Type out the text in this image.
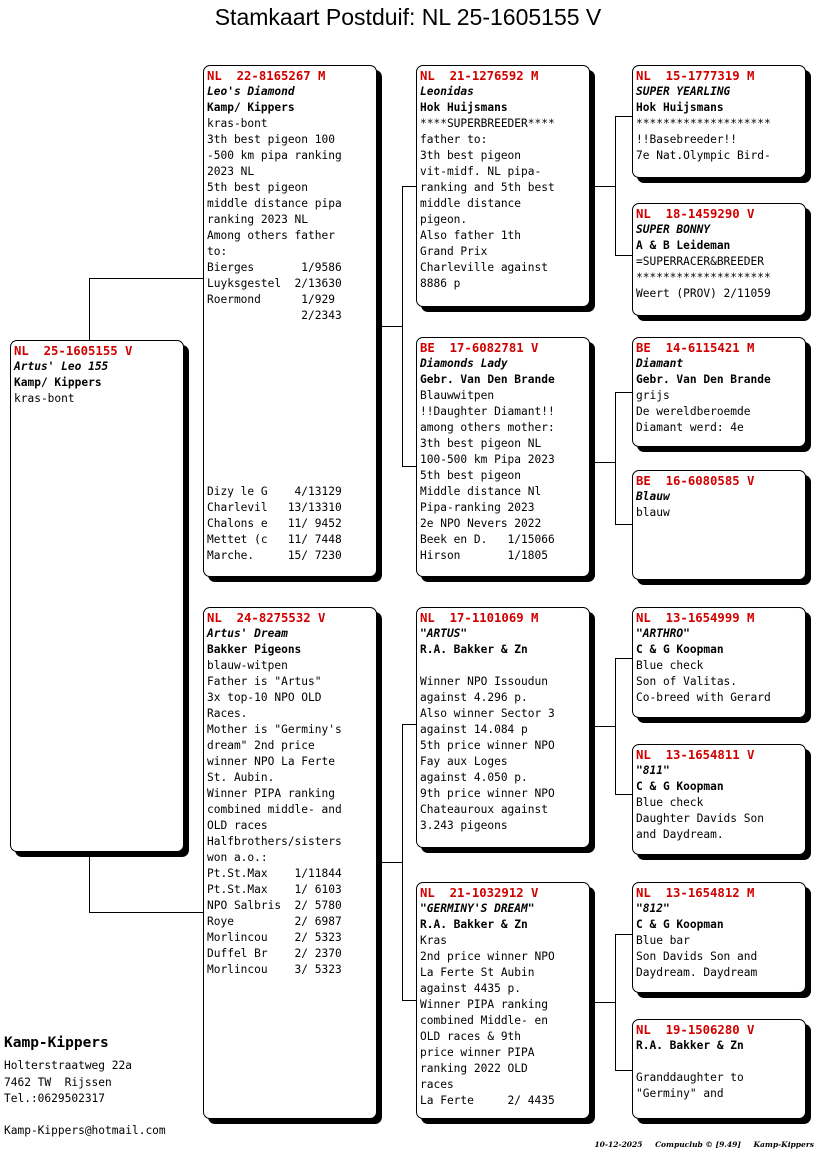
Stamkaart Postduif: NL 25-1605155 V
NL  25-1605155 V
Artus' Leo 155
Kamp/ Kippers
kras-bont
NL  22-8165267 M
Leo's Diamond
Kamp/ Kippers
kras-bont
3th best pigeon 100
-500 km pipa ranking
2023 NL
5th best pigeon
middle distance pipa
ranking 2023 NL
Among others father
to:
Bierges       1/9586
Luyksgestel  2/13630
Roermond      1/929
2/2343
Dizy le G    4/13129
Charlevil   13/13310
Chalons e   11/ 9452
Mettet (c   11/ 7448
Marche.     15/ 7230
NL  24-8275532 V
Artus' Dream
Bakker Pigeons
blauw-witpen
Father is "Artus"
3x top-10 NPO OLD
Races.
Mother is "Germiny's
dream" 2nd price
winner NPO La Ferte
St. Aubin.
Winner PIPA ranking
combined middle- and
OLD races
Halfbrothers/sisters
won a.o.:
Pt.St.Max    1/11844
Pt.St.Max    1/ 6103
NPO Salbris  2/ 5780
Roye         2/ 6987
Morlincou    2/ 5323
Duffel Br    2/ 2370
Morlincou    3/ 5323
NL  21-1276592 M
Leonidas
Hok Huijsmans
****SUPERBREEDER****
father to:
3th best pigeon
vit-midf. NL pipa-
ranking and 5th best
middle distance
pigeon.
Also father 1th
Grand Prix
Charleville against
8886 p
BE  17-6082781 V
Diamonds Lady
Gebr. Van Den Brande
Blauwwitpen
!!Daughter Diamant!!
among others mother:
3th best pigeon NL
100-500 km Pipa 2023
5th best pigeon
Middle distance Nl
Pipa-ranking 2023
2e NPO Nevers 2022
Beek en D.   1/15066
Hirson       1/1805
NL  17-1101069 M
"ARTUS"
R.A. Bakker & Zn
Winner NPO Issoudun
against 4.296 p.
Also winner Sector 3
against 14.084 p
5th price winner NPO
Fay aux Loges
against 4.050 p.
9th price winner NPO
Chateauroux against
3.243 pigeons
NL  21-1032912 V
"GERMINY'S DREAM"
R.A. Bakker & Zn
Kras
2nd price winner NPO
La Ferte St Aubin
against 4435 p.
Winner PIPA ranking
combined Middle- en
OLD races & 9th
price winner PIPA
ranking 2022 OLD
races
La Ferte     2/ 4435
NL  15-1777319 M
SUPER YEARLING
Hok Huijsmans
********************
!!Basebreeder!!
7e Nat.Olympic Bird-
NL  18-1459290 V
SUPER BONNY
A & B Leideman
=SUPERRACER&BREEDER
********************
Weert (PROV) 2/11059
BE  14-6115421 M
Diamant
Gebr. Van Den Brande
grijs
De wereldberoemde
Diamant werd: 4e
BE  16-6080585 V
Blauw
blauw
NL  13-1654999 M
"ARTHRO"
C & G Koopman
Blue check
Son of Valitas.
Co-breed with Gerard
NL  13-1654811 V
"811"
C & G Koopman
Blue check
Daughter Davids Son
and Daydream.
NL  13-1654812 M
"812"
C & G Koopman
Blue bar
Son Davids Son and
Daydream. Daydream
NL  19-1506280 V
R.A. Bakker & Zn
Granddaughter to
"Germiny" and
Kamp-Kippers
Holterstraatweg 22a
7462 TW  Rijssen
Tel.:0629502317
Kamp-Kippers@hotmail.com
10-12-2025 Compuclub © [9.49] Kamp-Kippers
